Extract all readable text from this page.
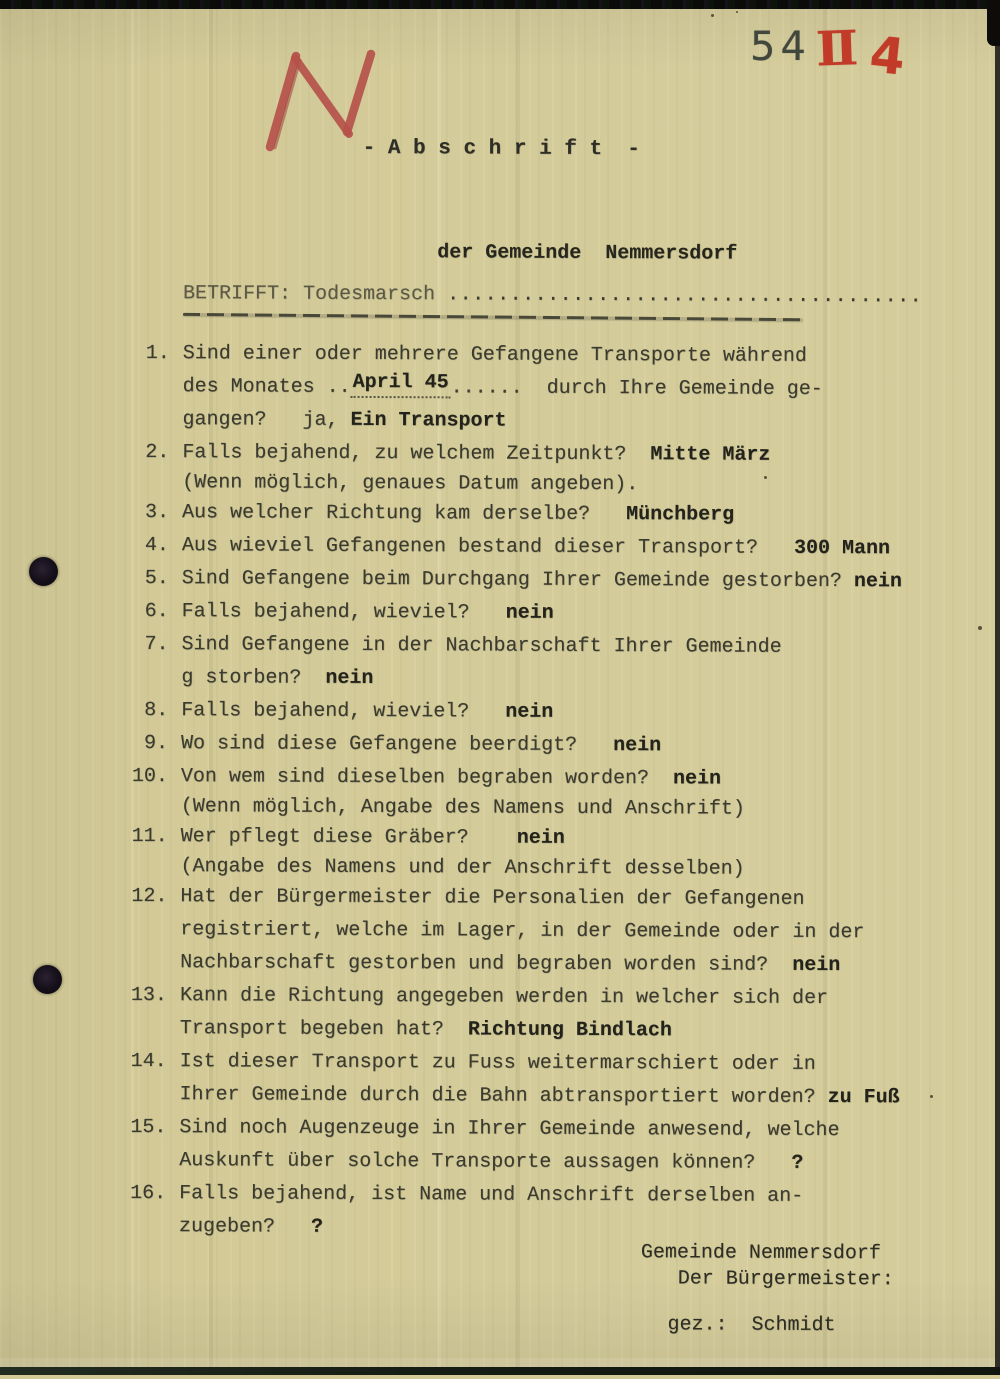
54 Ⅱ 4
- A b s c h r i f t  -

BETRIFFT: Todesmarsch ......................................

der Gemeinde  Nemmersdorf
1. Sind einer oder mehrere Gefangene Transporte während
des Monates ..April 45......  durch Ihre Gemeinde ge-
gangen?   ja, Ein Transport
2. Falls bejahend, zu welchem Zeitpunkt?  Mitte März
(Wenn möglich, genaues Datum angeben).
3. Aus welcher Richtung kam derselbe?   Münchberg
4. Aus wieviel Gefangenen bestand dieser Transport?   300 Mann
5. Sind Gefangene beim Durchgang Ihrer Gemeinde gestorben? nein
6. Falls bejahend, wieviel?   nein
7. Sind Gefangene in der Nachbarschaft Ihrer Gemeinde
g storben?  nein
8. Falls bejahend, wieviel?   nein
9. Wo sind diese Gefangene beerdigt?   nein
10. Von wem sind dieselben begraben worden?  nein
(Wenn möglich, Angabe des Namens und Anschrift)
11. Wer pflegt diese Gräber?    nein
(Angabe des Namens und der Anschrift desselben)
12. Hat der Bürgermeister die Personalien der Gefangenen
registriert, welche im Lager, in der Gemeinde oder in der
Nachbarschaft gestorben und begraben worden sind?  nein
13. Kann die Richtung angegeben werden in welcher sich der
Transport begeben hat?  Richtung Bindlach
14. Ist dieser Transport zu Fuss weitermarschiert oder in
Ihrer Gemeinde durch die Bahn abtransportiert worden? zu Fuß
15. Sind noch Augenzeuge in Ihrer Gemeinde anwesend, welche
Auskunft über solche Transporte aussagen können?   ?
16. Falls bejahend, ist Name und Anschrift derselben an-
zugeben?   ?
Gemeinde Nemmersdorf
Der Bürgermeister:
gez.:  Schmidt
